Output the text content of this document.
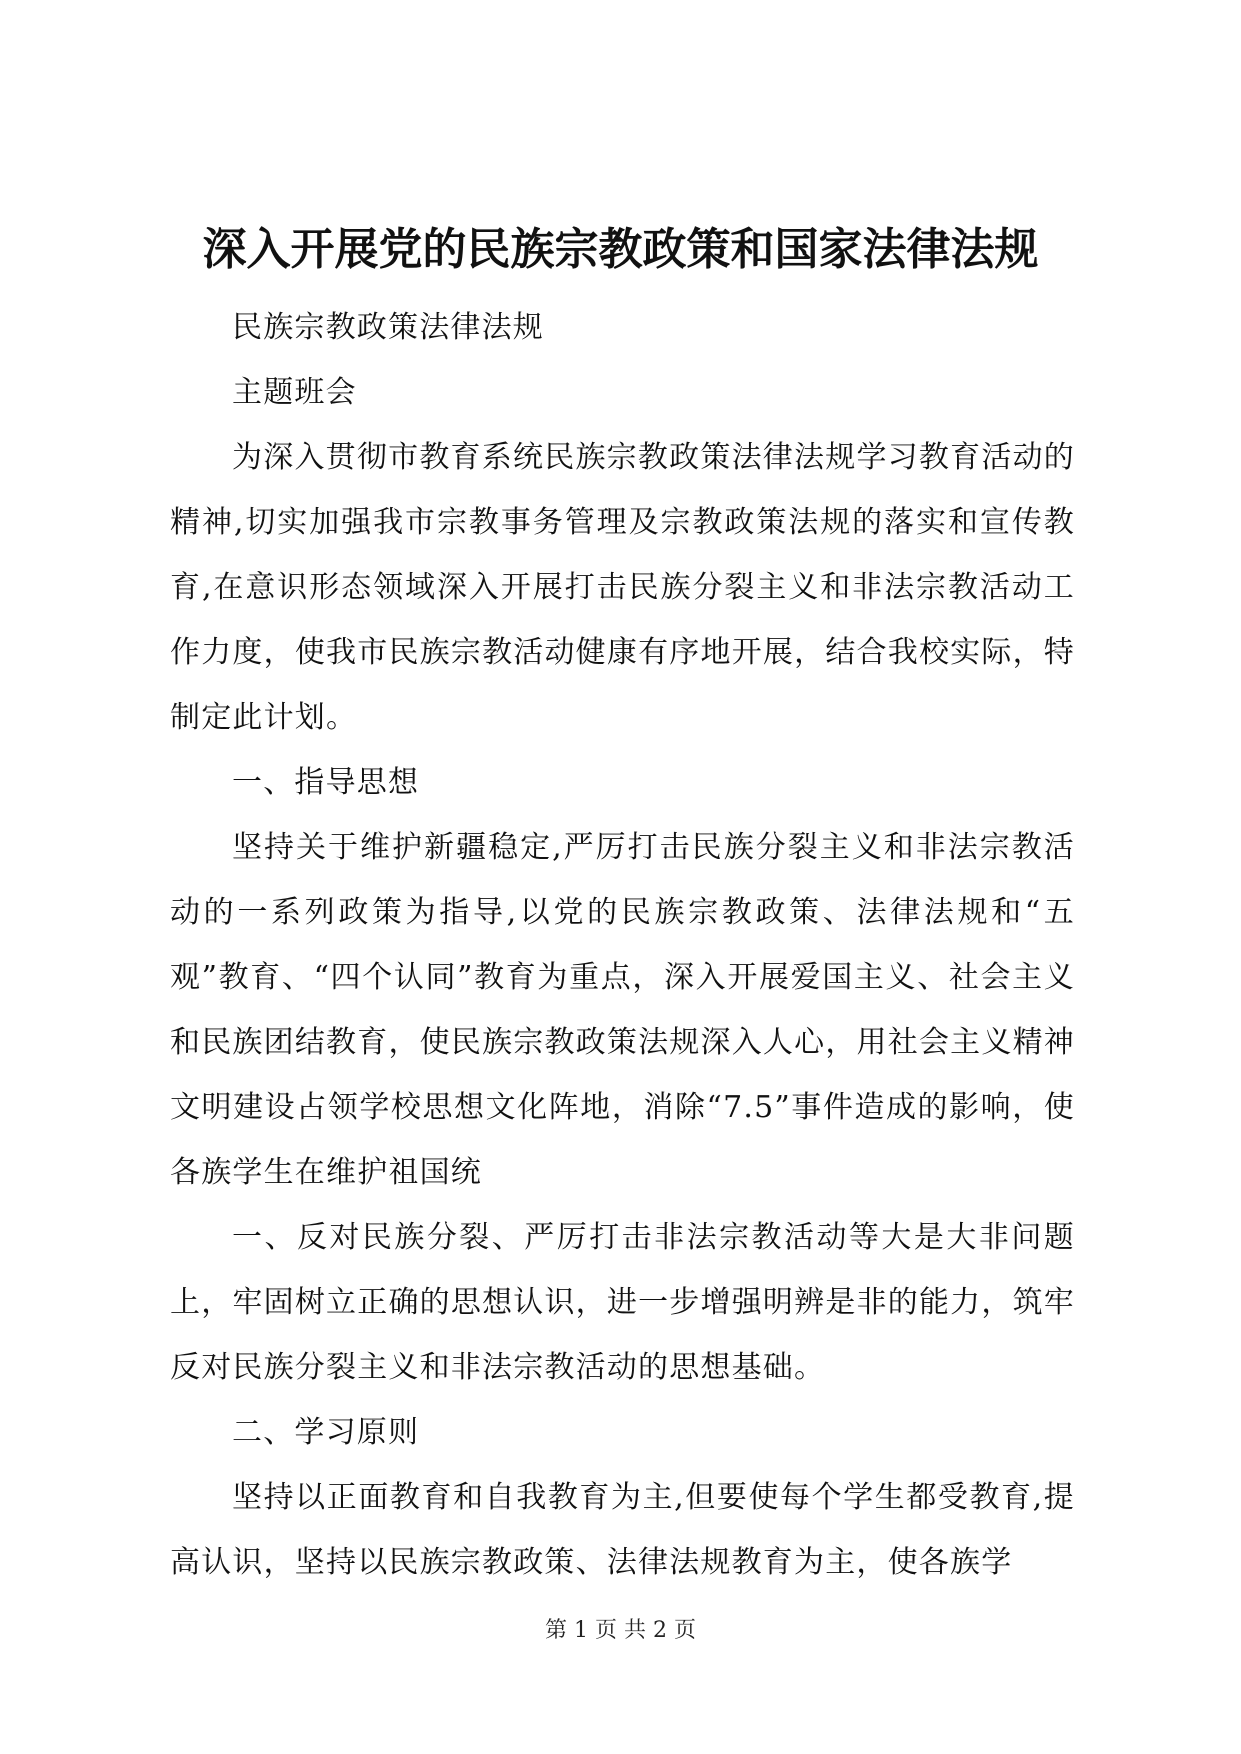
深入开展党的民族宗教政策和国家法律法规

民族宗教政策法律法规

主题班会

为深入贯彻市教育系统民族宗教政策法律法规学习教育活动的精神,切实加强我市宗教事务管理及宗教政策法规的落实和宣传教育,在意识形态领域深入开展打击民族分裂主义和非法宗教活动工作力度，使我市民族宗教活动健康有序地开展，结合我校实际，特制定此计划。

一、指导思想

坚持关于维护新疆稳定,严厉打击民族分裂主义和非法宗教活动的一系列政策为指导,以党的民族宗教政策、法律法规和“五观”教育、“四个认同”教育为重点，深入开展爱国主义、社会主义和民族团结教育，使民族宗教政策法规深入人心，用社会主义精神文明建设占领学校思想文化阵地，消除“7.5”事件造成的影响，使各族学生在维护祖国统

一、反对民族分裂、严厉打击非法宗教活动等大是大非问题上，牢固树立正确的思想认识，进一步增强明辨是非的能力，筑牢反对民族分裂主义和非法宗教活动的思想基础。

二、学习原则

坚持以正面教育和自我教育为主,但要使每个学生都受教育,提高认识，坚持以民族宗教政策、法律法规教育为主，使各族学

第 1 页 共 2 页
